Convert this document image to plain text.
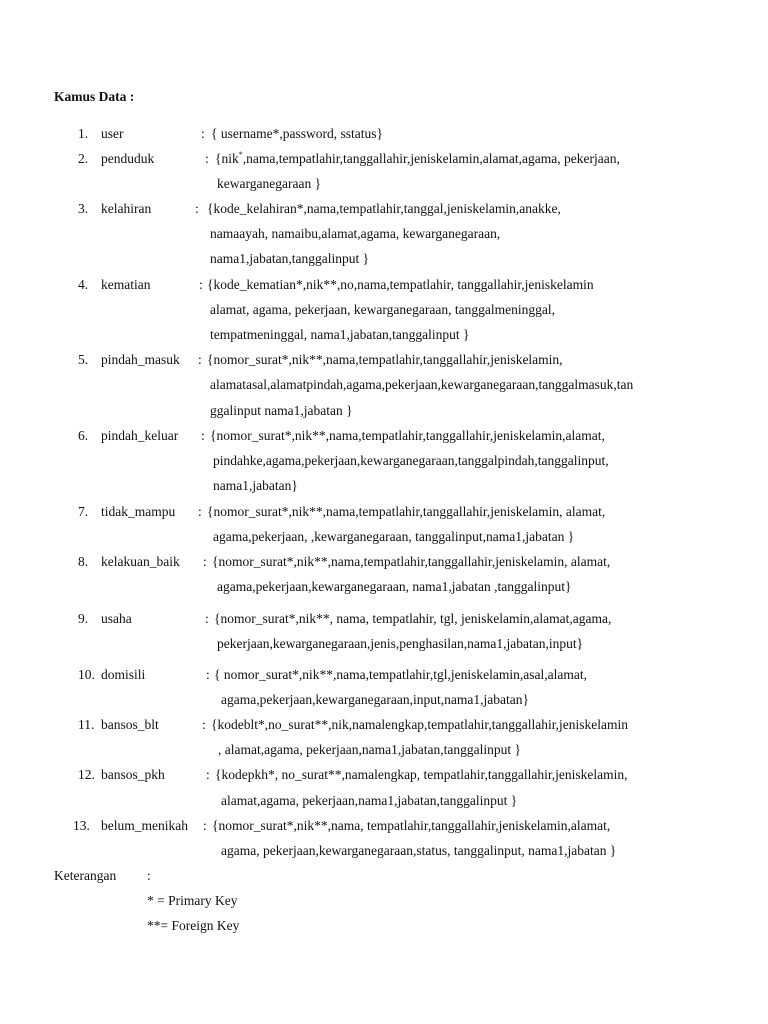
Kamus Data :
1. user	: { username*,password, sstatus}
2. penduduk	: {nik*,nama,tempatlahir,tanggallahir,jeniskelamin,alamat,agama, pekerjaan,
kewarganegaraan }
3. kelahiran	: {kode_kelahiran*,nama,tempatlahir,tanggal,jeniskelamin,anakke,
namaayah, namaibu,alamat,agama, kewarganegaraan,
nama1,jabatan,tanggalinput }
4. kematian	: {kode_kematian*,nik**,no,nama,tempatlahir, tanggallahir,jeniskelamin
alamat, agama, pekerjaan, kewarganegaraan, tanggalmeninggal,
tempatmeninggal, nama1,jabatan,tanggalinput }
5. pindah_masuk : {nomor_surat*,nik**,nama,tempatlahir,tanggallahir,jeniskelamin,
alamatasal,alamatpindah,agama,pekerjaan,kewarganegaraan,tanggalmasuk,tan
ggalinput nama1,jabatan }
6. pindah_keluar : {nomor_surat*,nik**,nama,tempatlahir,tanggallahir,jeniskelamin,alamat,
pindahke,agama,pekerjaan,kewarganegaraan,tanggalpindah,tanggalinput,
nama1,jabatan}
7. tidak_mampu : {nomor_surat*,nik**,nama,tempatlahir,tanggallahir,jeniskelamin, alamat,
agama,pekerjaan, ,kewarganegaraan, tanggalinput,nama1,jabatan }
8. kelakuan_baik : {nomor_surat*,nik**,nama,tempatlahir,tanggallahir,jeniskelamin, alamat,
agama,pekerjaan,kewarganegaraan, nama1,jabatan ,tanggalinput}
9. usaha	: {nomor_surat*,nik**, nama, tempatlahir, tgl, jeniskelamin,alamat,agama,
pekerjaan,kewarganegaraan,jenis,penghasilan,nama1,jabatan,input}
10. domisili	: { nomor_surat*,nik**,nama,tempatlahir,tgl,jeniskelamin,asal,alamat,
agama,pekerjaan,kewarganegaraan,input,nama1,jabatan}
11. bansos_blt	: {kodeblt*,no_surat**,nik,namalengkap,tempatlahir,tanggallahir,jeniskelamin
, alamat,agama, pekerjaan,nama1,jabatan,tanggalinput }
12. bansos_pkh	: {kodepkh*, no_surat**,namalengkap, tempatlahir,tanggallahir,jeniskelamin,
alamat,agama, pekerjaan,nama1,jabatan,tanggalinput }
13. belum_menikah : {nomor_surat*,nik**,nama, tempatlahir,tanggallahir,jeniskelamin,alamat,
agama, pekerjaan,kewarganegaraan,status, tanggalinput, nama1,jabatan }
Keterangan :
* = Primary Key
**= Foreign Key
